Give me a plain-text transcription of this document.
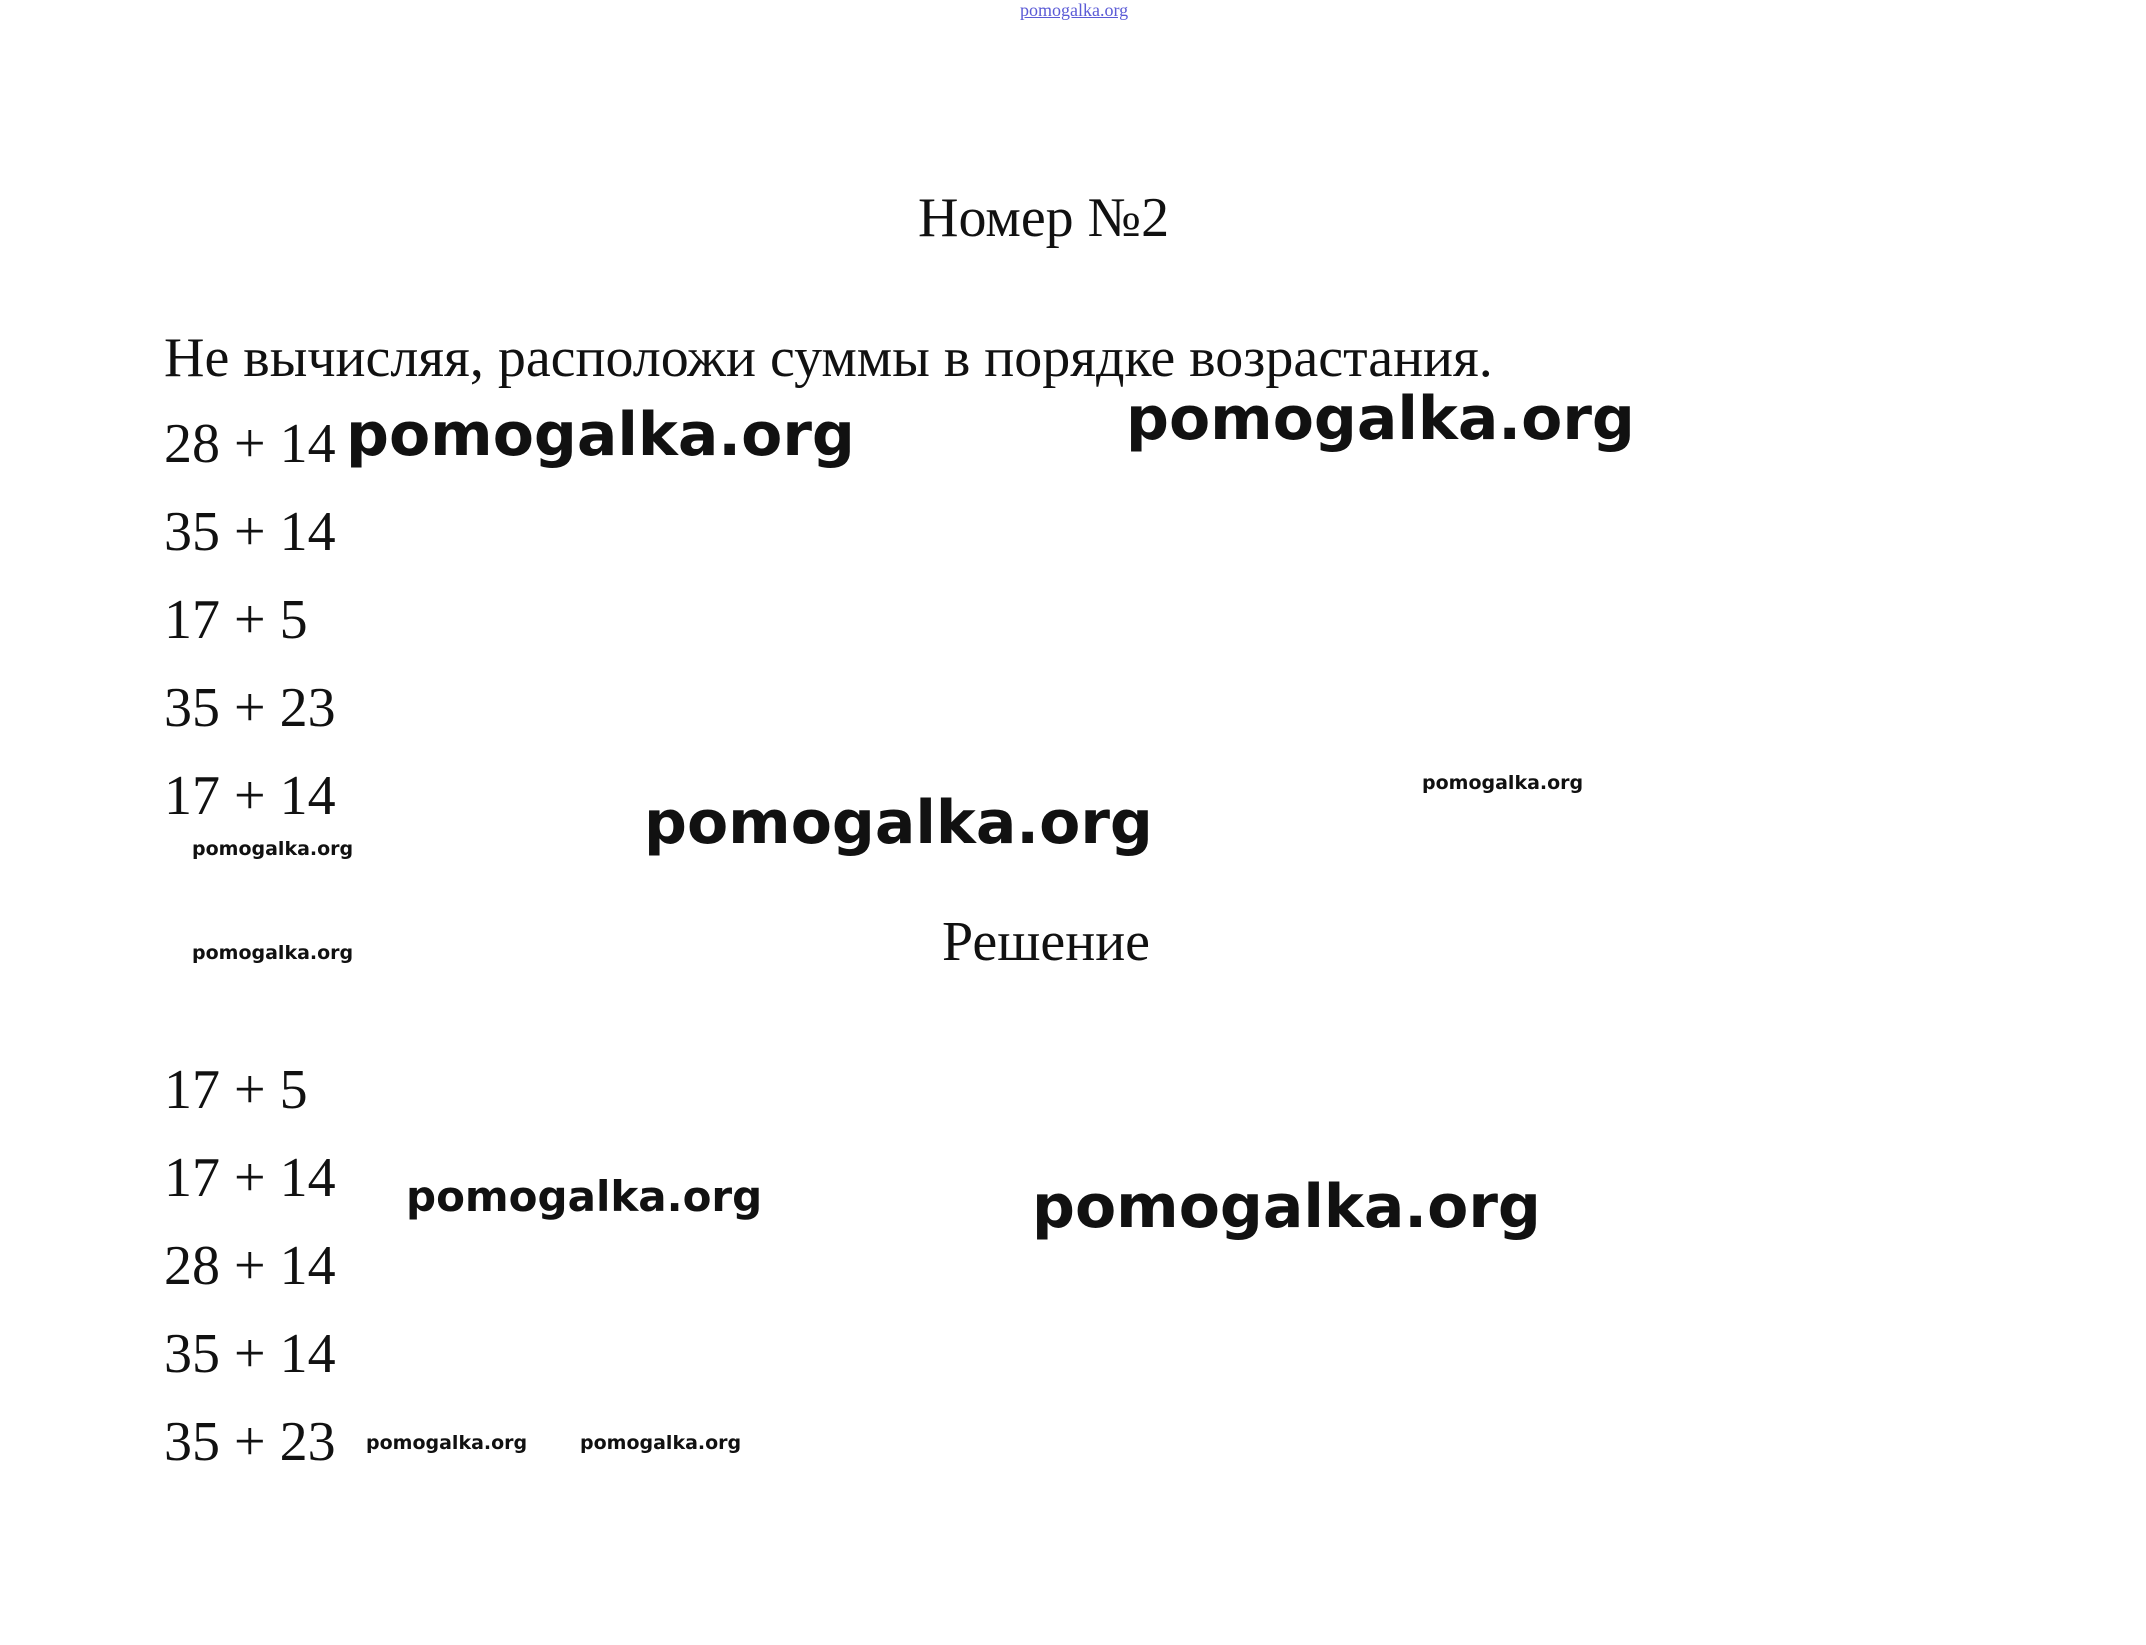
pomogalka.org
Номер №2
Не вычисляя, расположи суммы в порядке возрастания.
28 + 14
35 + 14
17 + 5
35 + 23
17 + 14
Решение
17 + 5
17 + 14
28 + 14
35 + 14
35 + 23
pomogalka.org	pomogalka.org
pomogalka.org
pomogalka.org
pomogalka.org
pomogalka.org
pomogalka.org
pomogalka.org
pomogalka.org	pomogalka.org
